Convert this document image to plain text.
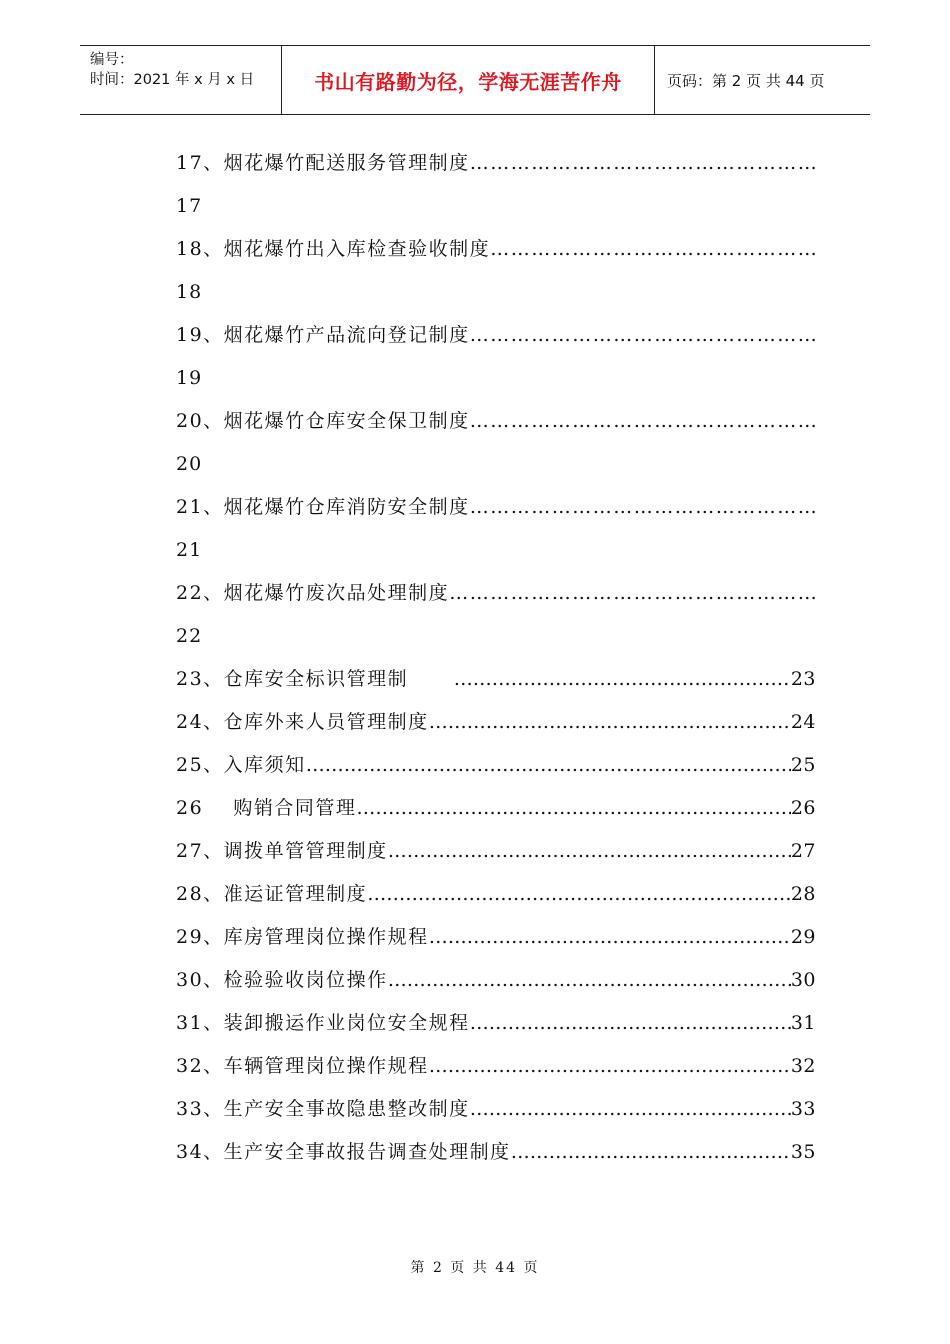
编号：
时间：2021 年 x 月 x 日	书山有路勤为径，学海无涯苦作舟	页码：第 2 页 共 44 页
17、烟花爆竹配送服务管理制度……………………………………………
17
18、烟花爆竹出入库检查验收制度…………………………………………
18
19、烟花爆竹产品流向登记制度……………………………………………
19
20、烟花爆竹仓库安全保卫制度……………………………………………
20
21、烟花爆竹仓库消防安全制度……………………………………………
21
22、烟花爆竹废次品处理制度………………………………………………
22
23、仓库安全标识管理制 ………………………………………………………………………………………………………………	23
24、仓库外来人员管理制度 ………………………………………………………………………………………………………………	24
25、入库须知 ………………………………………………………………………………………………………………	25
26    购销合同管理 ………………………………………………………………………………………………………………	26
27、调拨单管管理制度 ………………………………………………………………………………………………………………	27
28、准运证管理制度 ………………………………………………………………………………………………………………	28
29、库房管理岗位操作规程 ………………………………………………………………………………………………………………	29
30、检验验收岗位操作 ………………………………………………………………………………………………………………	30
31、装卸搬运作业岗位安全规程 ………………………………………………………………………………………………………………	31
32、车辆管理岗位操作规程 ………………………………………………………………………………………………………………	32
33、生产安全事故隐患整改制度 ………………………………………………………………………………………………………………	33
34、生产安全事故报告调查处理制度 ………………………………………………………………………………………………………………	35
第 2 页 共 44 页
